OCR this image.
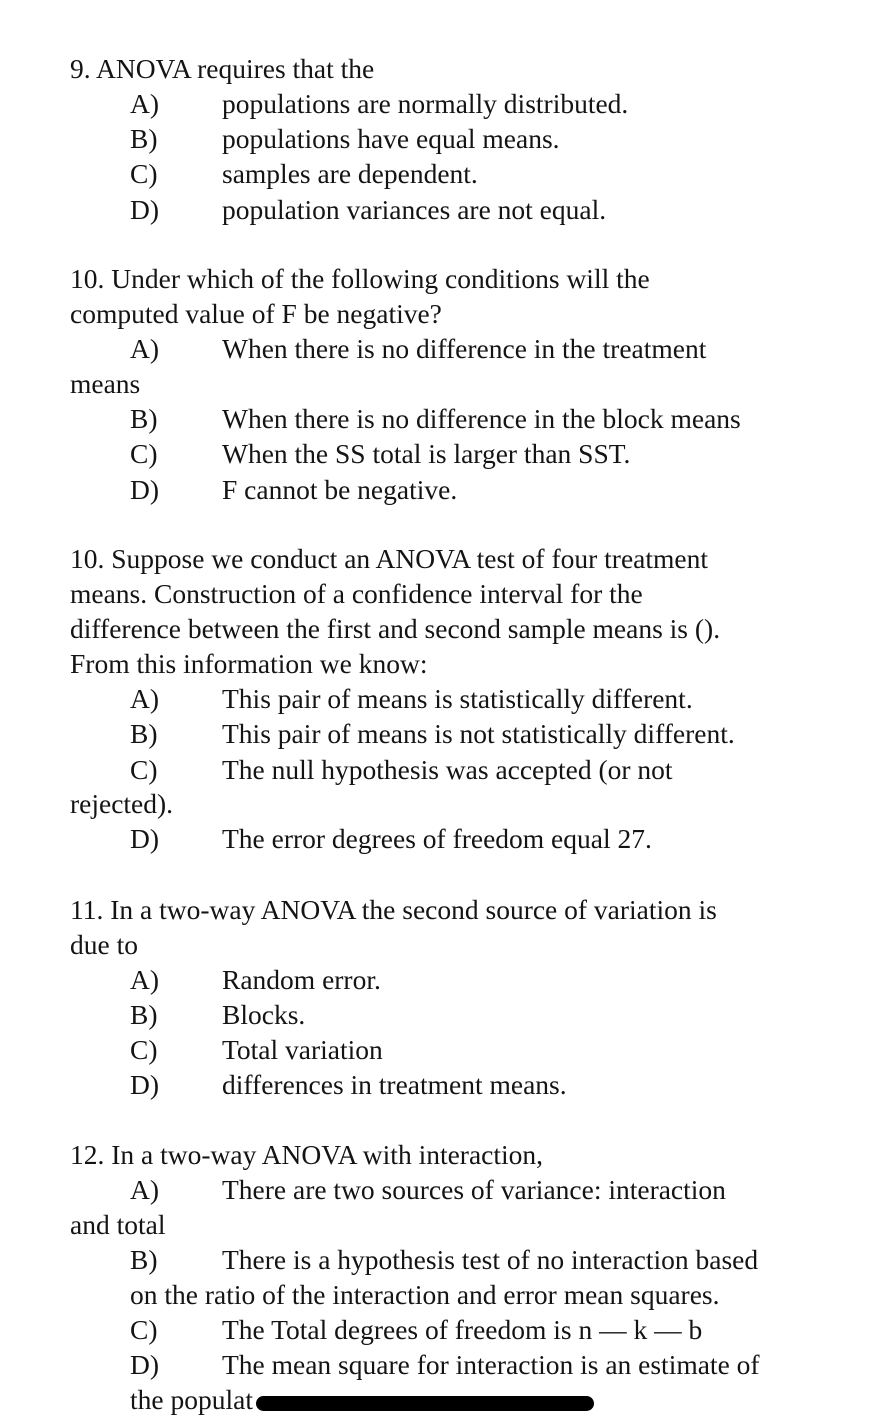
9. ANOVA requires that the
A) populations are normally distributed.
B) populations have equal means.
C) samples are dependent.
D) population variances are not equal.
10. Under which of the following conditions will the
computed value of F be negative?
A) When there is no difference in the treatment
means
B) When there is no difference in the block means
C) When the SS total is larger than SST.
D) F cannot be negative.
10. Suppose we conduct an ANOVA test of four treatment
means. Construction of a confidence interval for the
difference between the first and second sample means is ().
From this information we know:
A) This pair of means is statistically different.
B) This pair of means is not statistically different.
C) The null hypothesis was accepted (or not
rejected).
D) The error degrees of freedom equal 27.
11. In a two-way ANOVA the second source of variation is
due to
A) Random error.
B) Blocks.
C) Total variation
D) differences in treatment means.
12. In a two-way ANOVA with interaction,
A) There are two sources of variance: interaction
and total
B) There is a hypothesis test of no interaction based
on the ratio of the interaction and error mean squares.
C) The Total degrees of freedom is n — k — b
D) The mean square for interaction is an estimate of
the populat
